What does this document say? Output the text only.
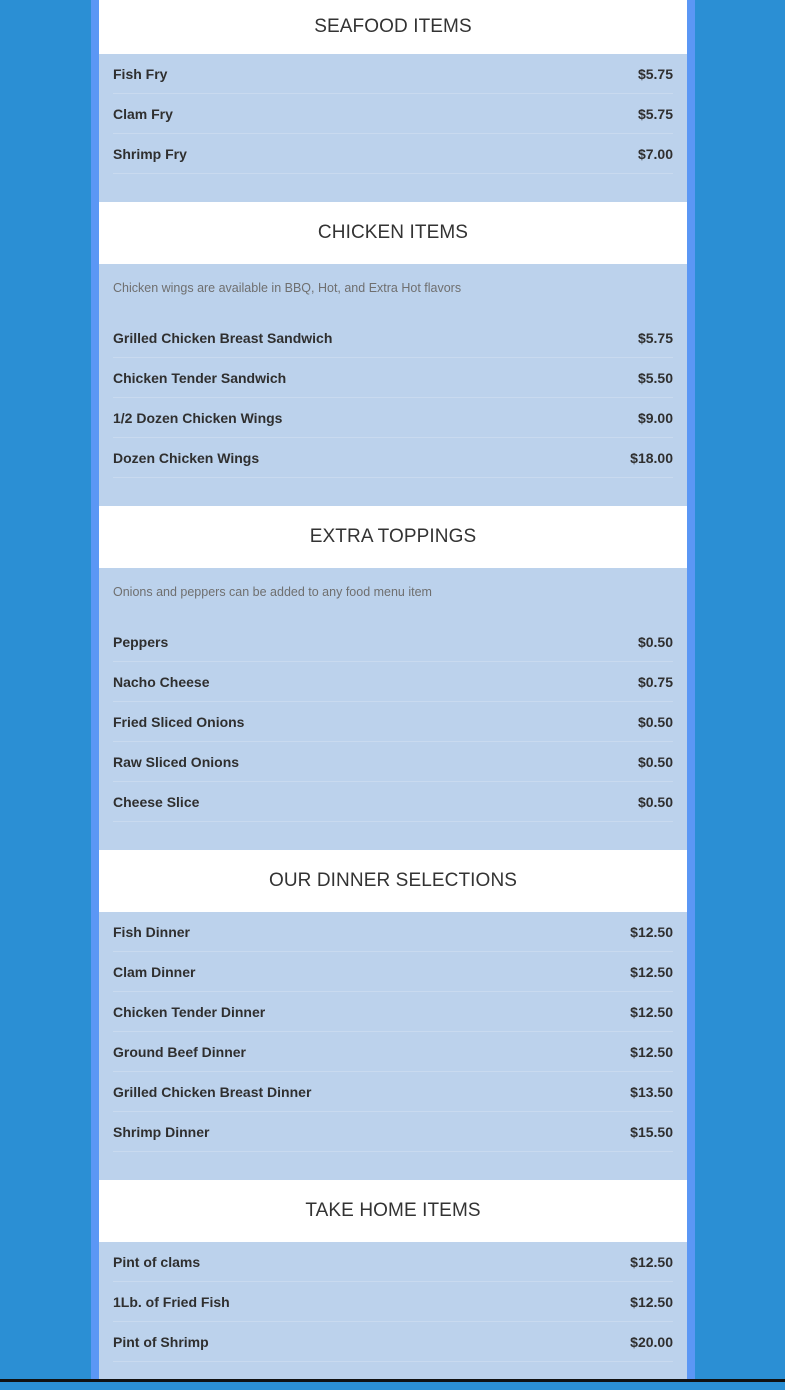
SEAFOOD ITEMS
Fish Fry	$5.75
Clam Fry	$5.75
Shrimp Fry	$7.00
CHICKEN ITEMS
Chicken wings are available in BBQ, Hot, and Extra Hot flavors
Grilled Chicken Breast Sandwich	$5.75
Chicken Tender Sandwich	$5.50
1/2 Dozen Chicken Wings	$9.00
Dozen Chicken Wings	$18.00
EXTRA TOPPINGS
Onions and peppers can be added to any food menu item
Peppers	$0.50
Nacho Cheese	$0.75
Fried Sliced Onions	$0.50
Raw Sliced Onions	$0.50
Cheese Slice	$0.50
OUR DINNER SELECTIONS
Fish Dinner	$12.50
Clam Dinner	$12.50
Chicken Tender Dinner	$12.50
Ground Beef Dinner	$12.50
Grilled Chicken Breast Dinner	$13.50
Shrimp Dinner	$15.50
TAKE HOME ITEMS
Pint of clams	$12.50
1Lb. of Fried Fish	$12.50
Pint of Shrimp	$20.00
